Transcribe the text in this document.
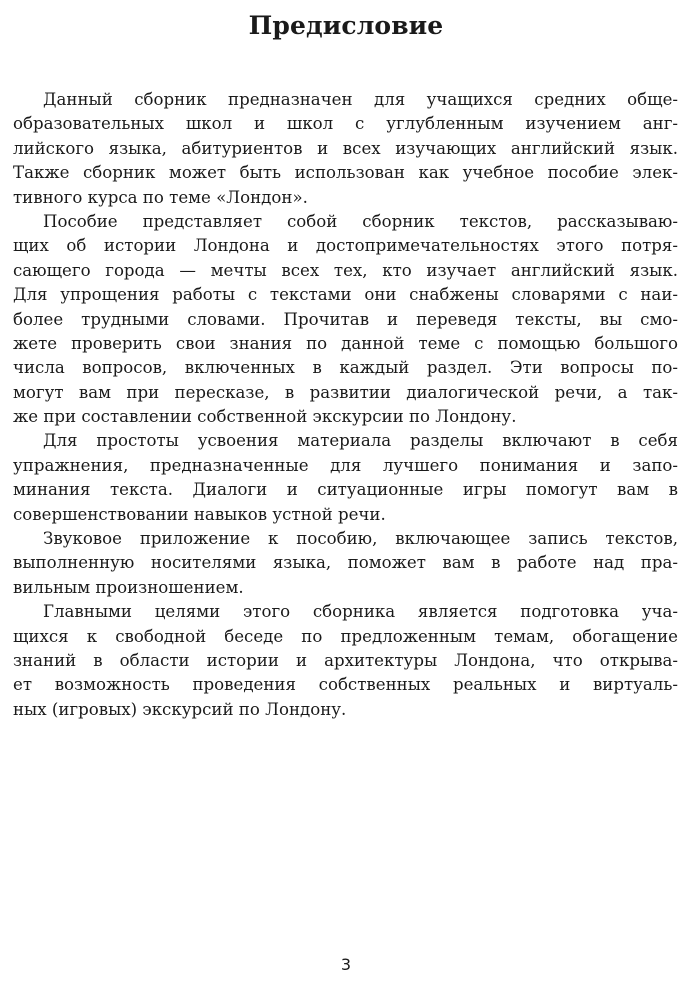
Предисловие
Данный сборник предназначен для учащихся средних обще-
образовательных школ и школ с углубленным изучением анг-
лийского языка, абитуриентов и всех изучающих английский язык.
Также сборник может быть использован как учебное пособие элек-
тивного курса по теме «Лондон».
Пособие представляет собой сборник текстов, рассказываю-
щих об истории Лондона и достопримечательностях этого потря-
сающего города — мечты всех тех, кто изучает английский язык.
Для упрощения работы с текстами они снабжены словарями с наи-
более трудными словами. Прочитав и переведя тексты, вы смо-
жете проверить свои знания по данной теме с помощью большого
числа вопросов, включенных в каждый раздел. Эти вопросы по-
могут вам при пересказе, в развитии диалогической речи, а так-
же при составлении собственной экскурсии по Лондону.
Для простоты усвоения материала разделы включают в себя
упражнения, предназначенные для лучшего понимания и запо-
минания текста. Диалоги и ситуационные игры помогут вам в
совершенствовании навыков устной речи.
Звуковое приложение к пособию, включающее запись текстов,
выполненную носителями языка, поможет вам в работе над пра-
вильным произношением.
Главными целями этого сборника является подготовка уча-
щихся к свободной беседе по предложенным темам, обогащение
знаний в области истории и архитектуры Лондона, что открыва-
ет возможность проведения собственных реальных и виртуаль-
ных (игровых) экскурсий по Лондону.
3
